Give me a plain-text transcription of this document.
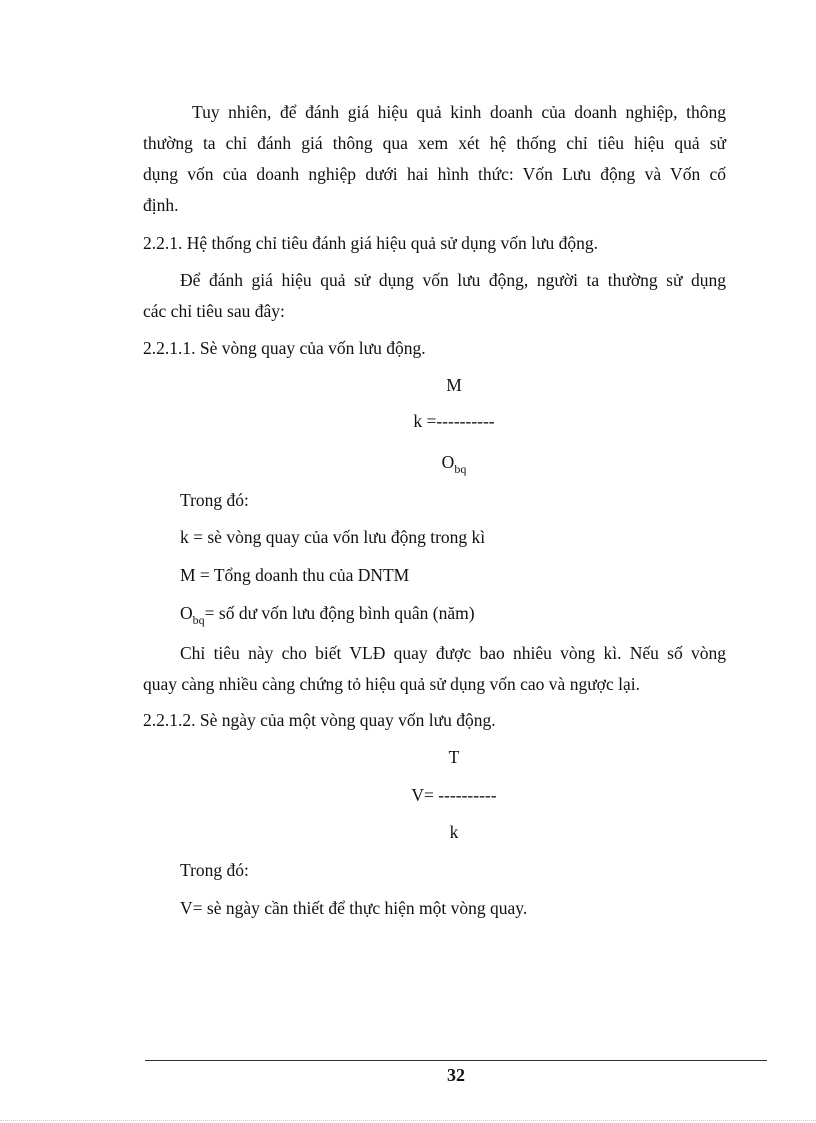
Tuy nhiên, để đánh giá hiệu quả kinh doanh của doanh nghiệp, thông
thường ta chỉ đánh giá thông qua xem xét hệ thống chỉ tiêu hiệu quả sử
dụng vốn của doanh nghiệp dưới hai hình thức: Vốn Lưu động và Vốn cố
định.
2.2.1. Hệ thống chỉ tiêu đánh giá hiệu quả sử dụng vốn lưu động.
Để đánh giá hiệu quả sử dụng vốn lưu động, người ta thường sử dụng
các chỉ tiêu sau đây:
2.2.1.1. Sè vòng quay của vốn lưu động.
M
k =----------
$O_{bq}$
Trong đó:
k = sè vòng quay của vốn lưu động trong kì
M = Tổng doanh thu của DNTM
$O_{bq}=$ số dư vốn lưu động bình quân (năm)
Chỉ tiêu này cho biết VLĐ quay được bao nhiêu vòng kì. Nếu số vòng
quay càng nhiều càng chứng tỏ hiệu quả sử dụng vốn cao và ngược lại.
2.2.1.2. Sè ngày của một vòng quay vốn lưu động.
T
V= ----------
k
Trong đó:
V= sè ngày cần thiết để thực hiện một vòng quay.
32
